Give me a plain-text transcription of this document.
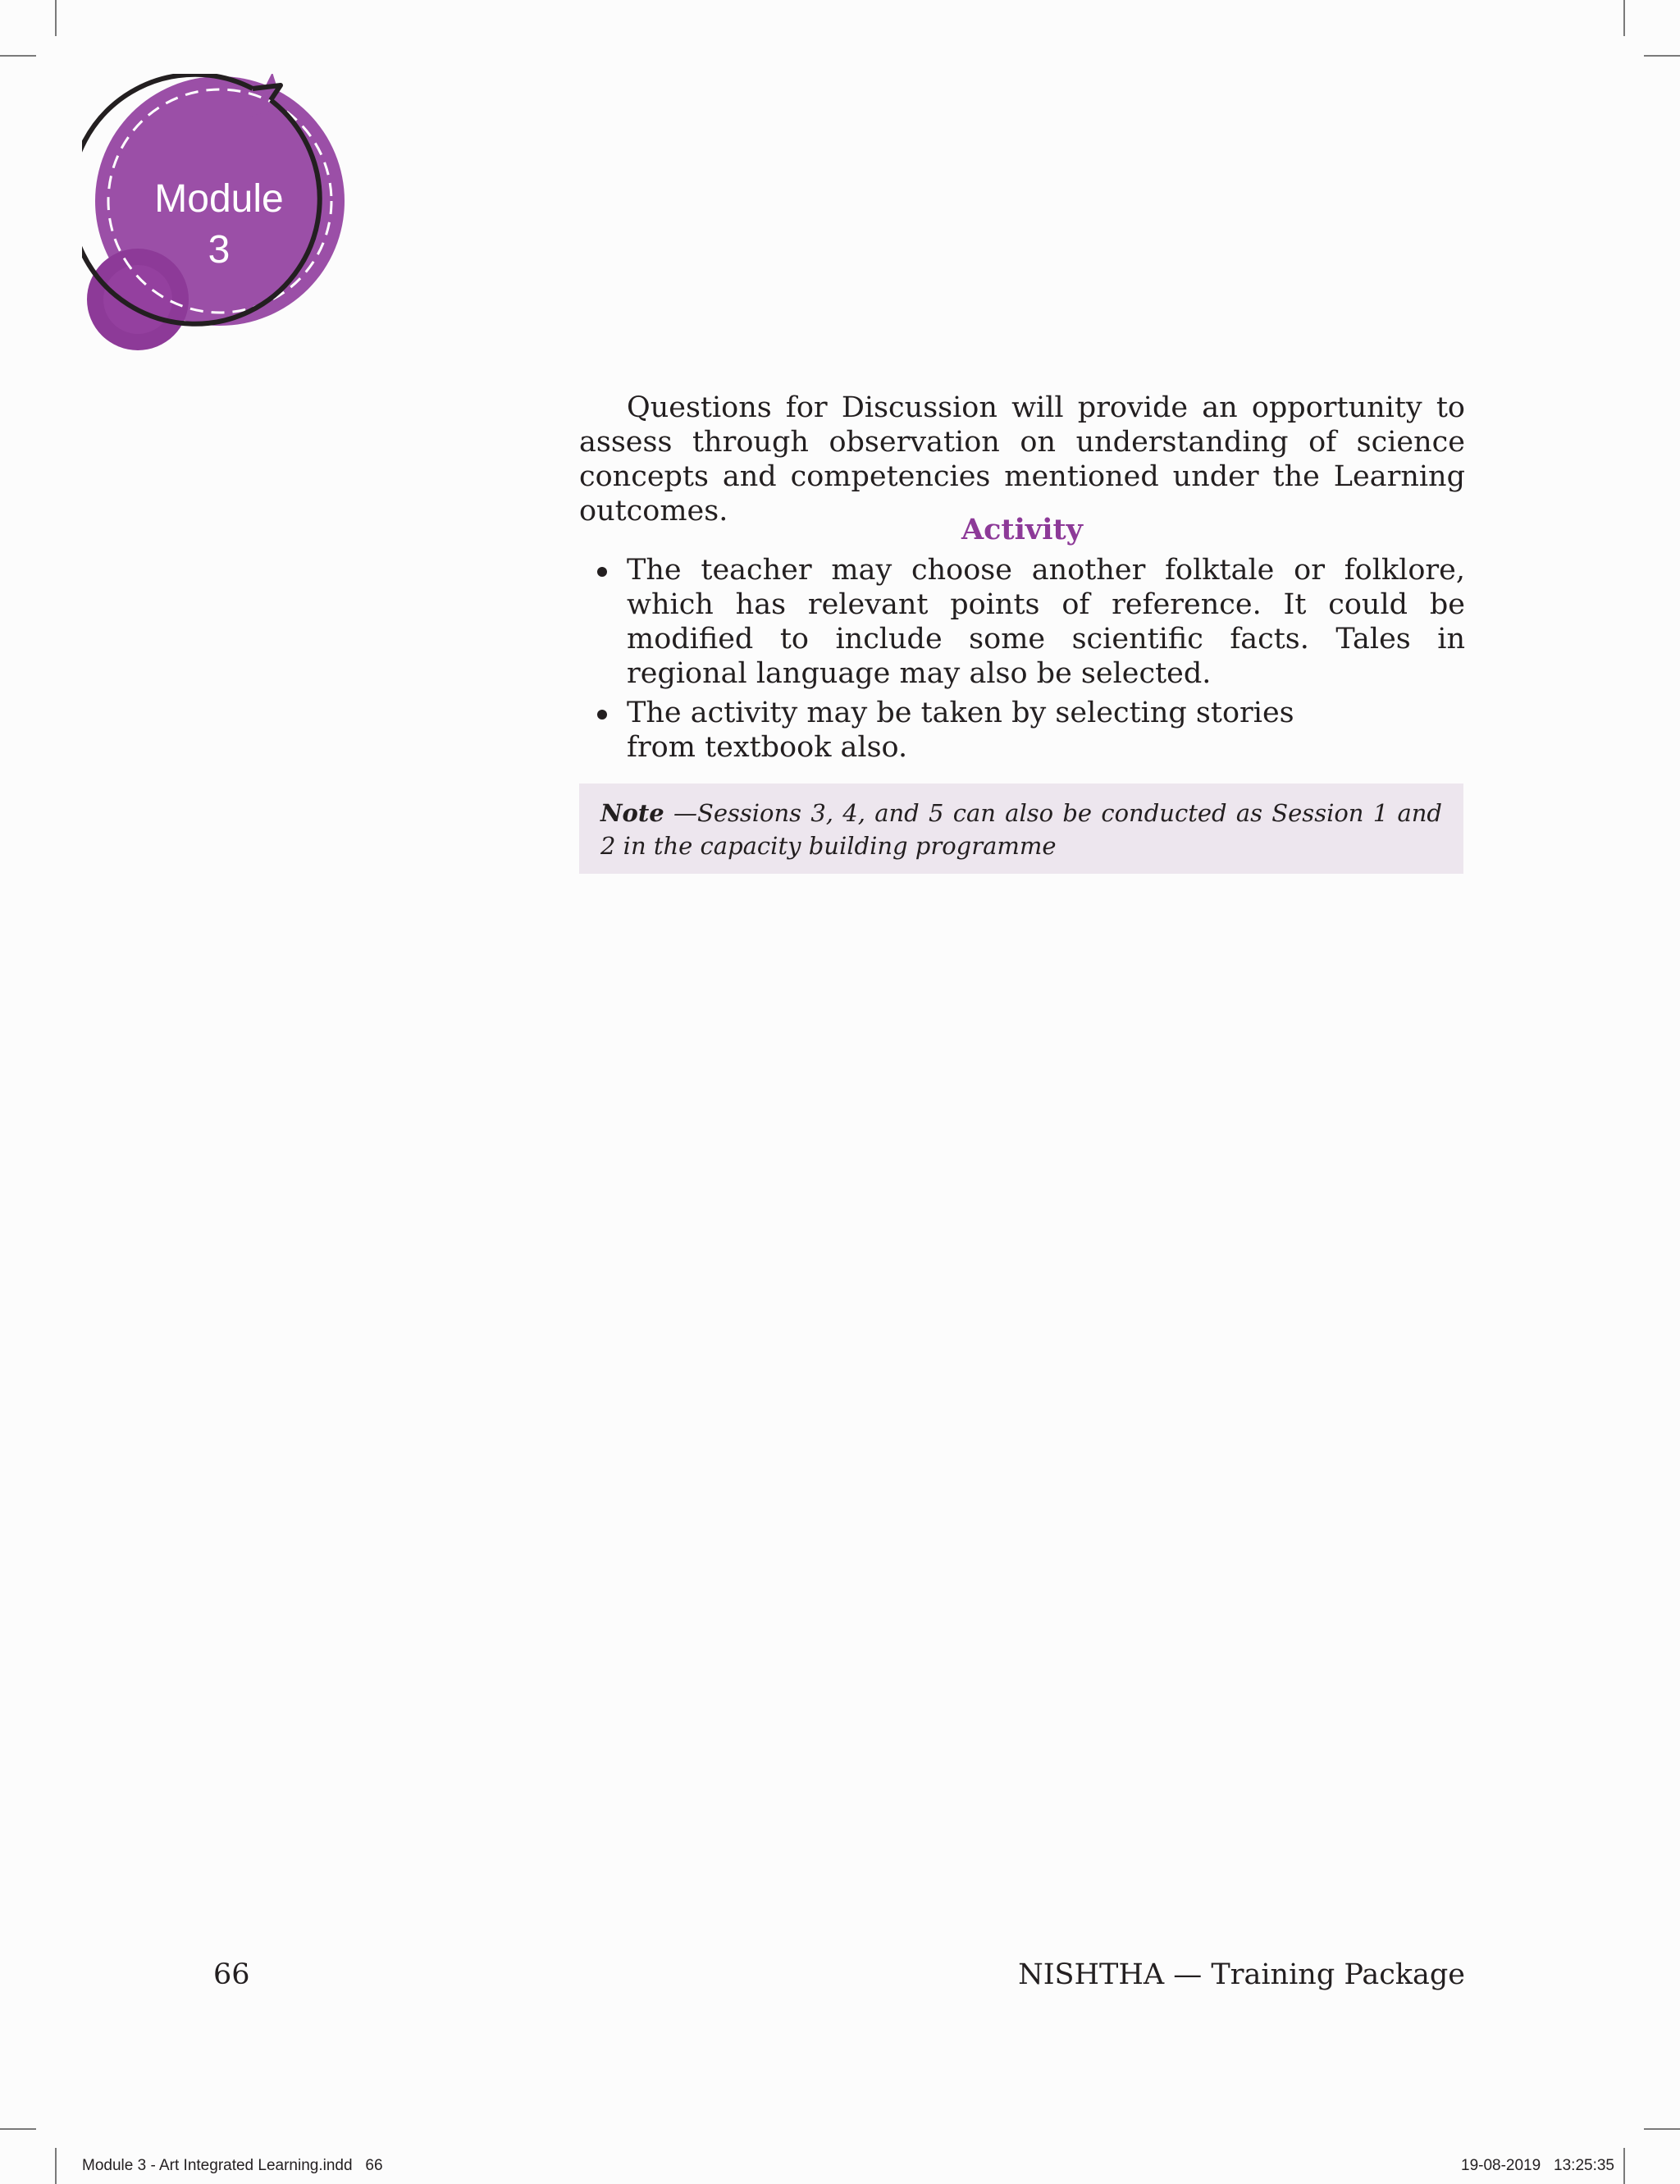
Module
3

Questions for Discussion will provide an opportunity to assess through observation on understanding of science concepts and competencies mentioned under the Learning outcomes.

Activity
The teacher may choose another folktale or folklore, which has relevant points of reference. It could be modified to include some scientific facts. Tales in regional language may also be selected.
The activity may be taken by selecting stories from textbook also.
Note —Sessions 3, 4, and 5 can also be conducted as Session 1 and 2 in the capacity building programme
66	NISHTHA — Training Package
Module 3 - Art Integrated Learning.indd   66	19-08-2019   13:25:35
